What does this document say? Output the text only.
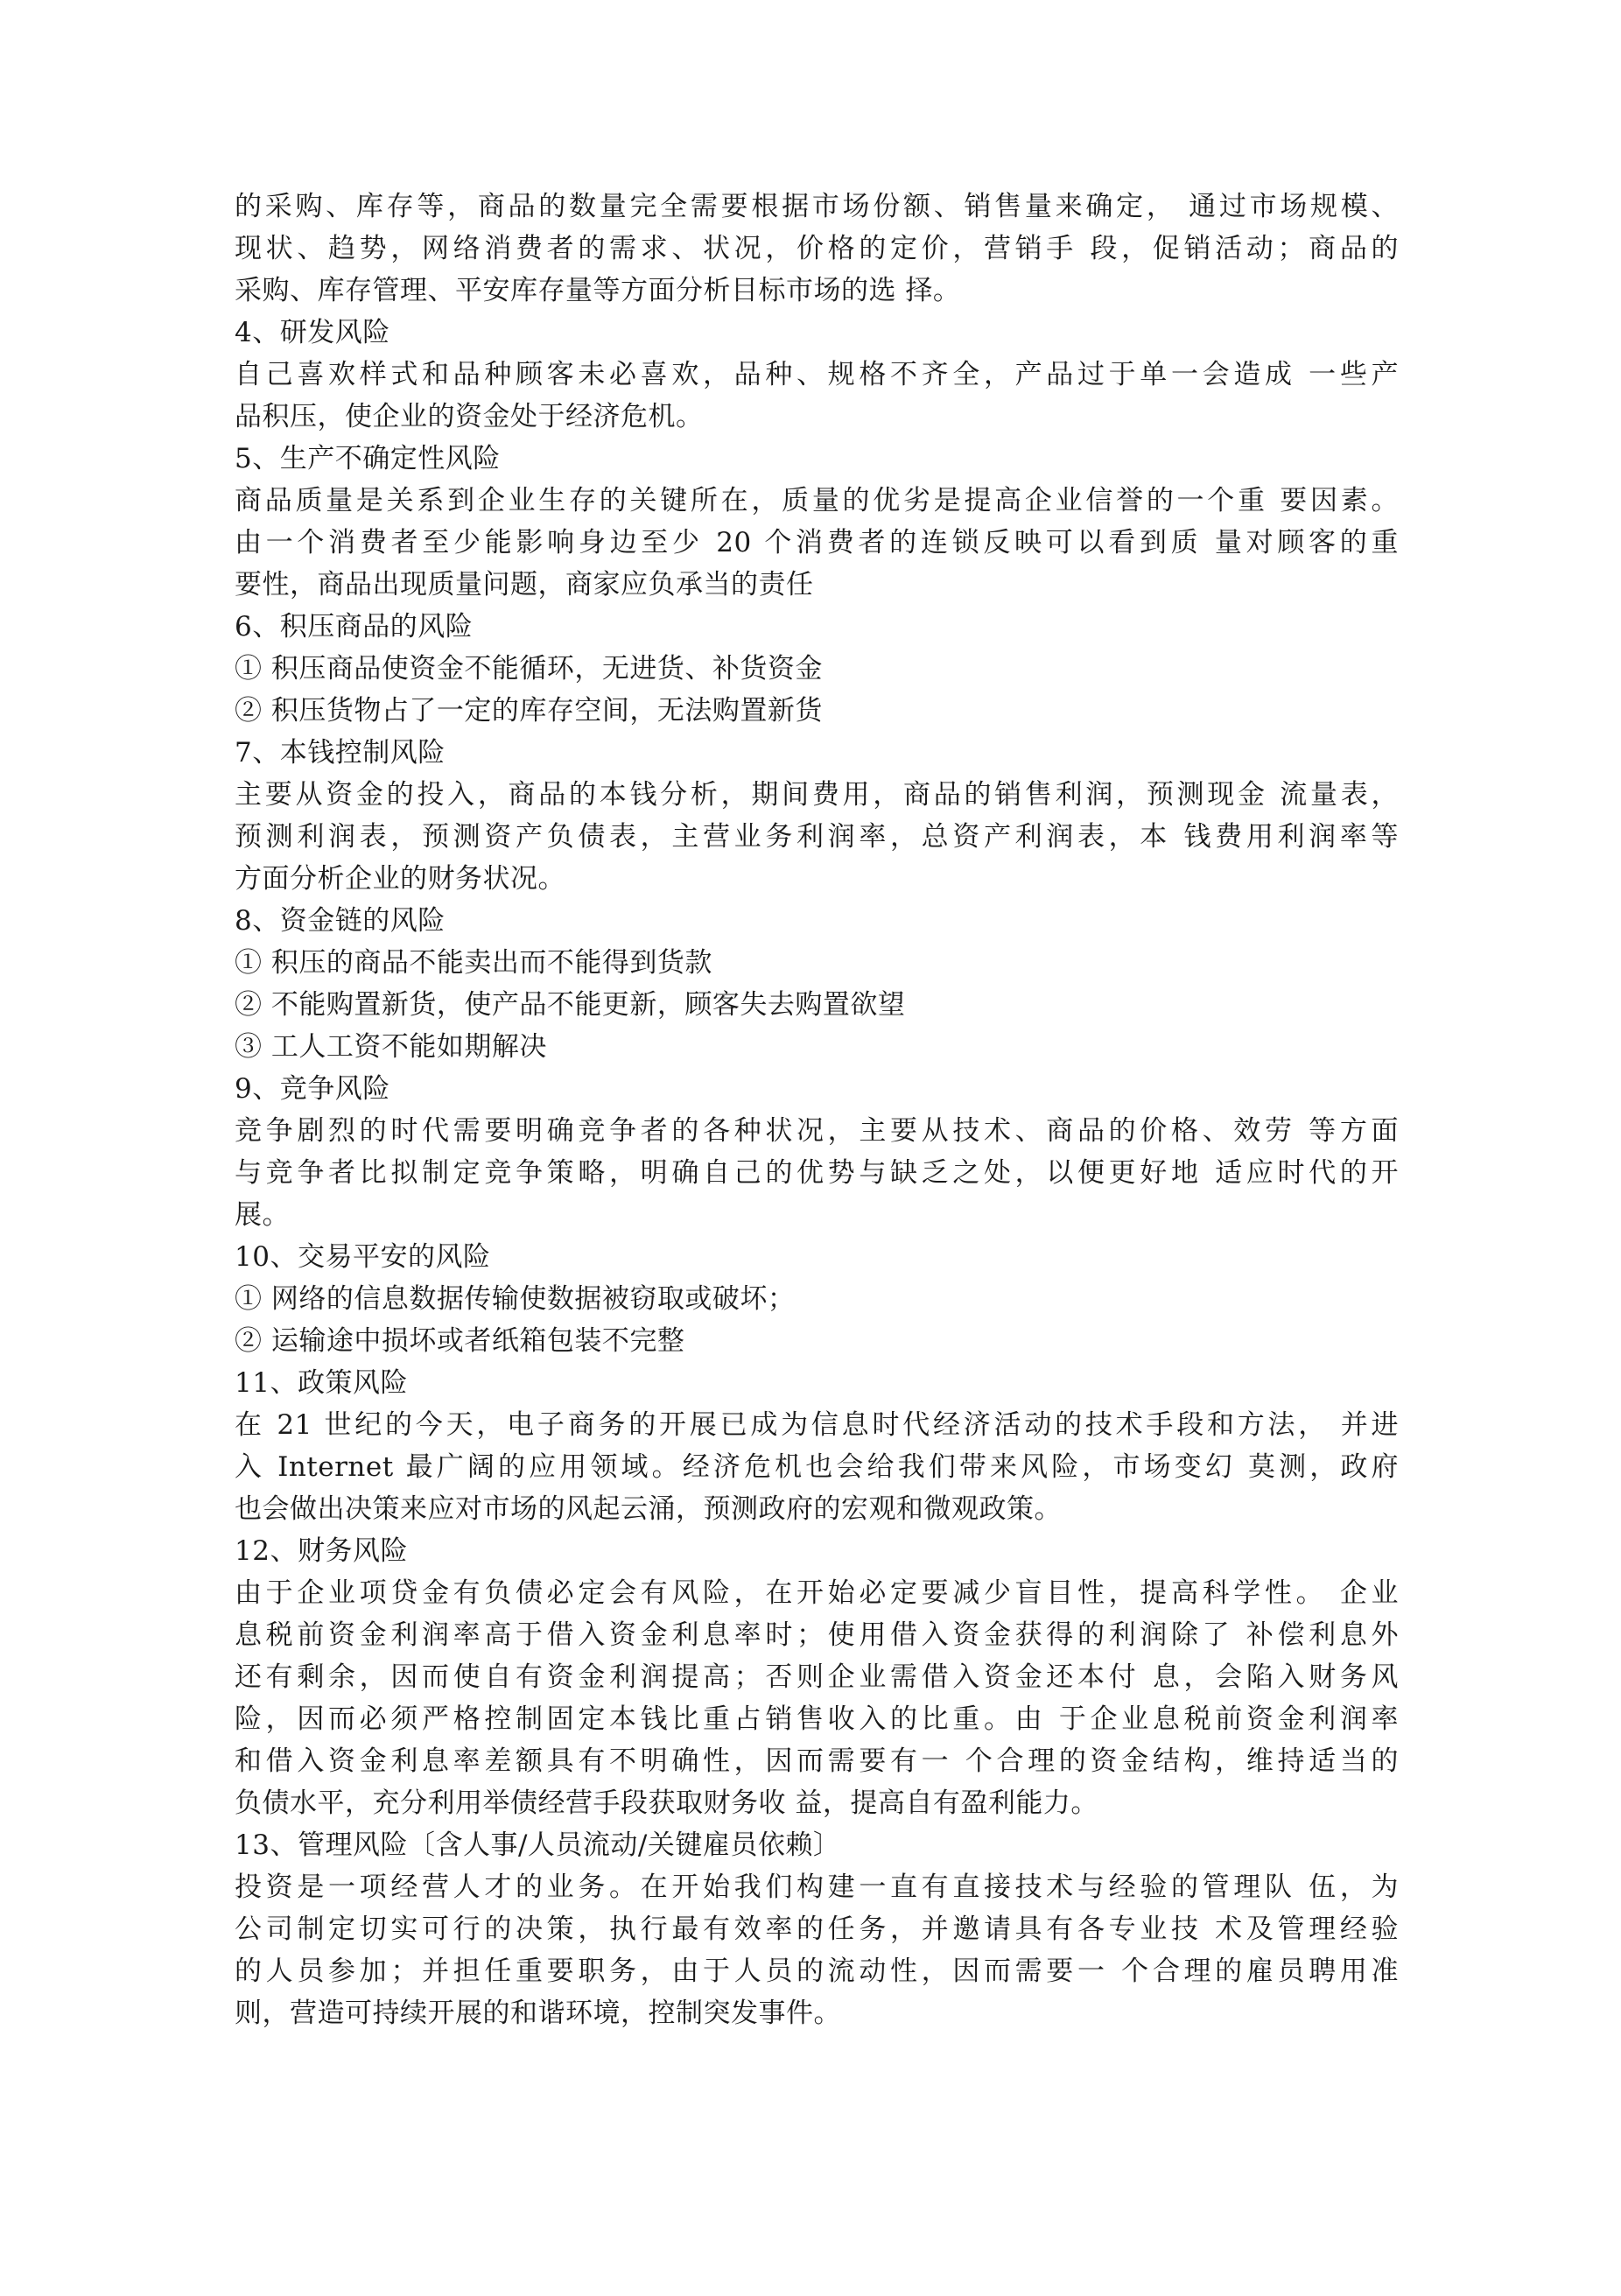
的采购、库存等，商品的数量完全需要根据市场份额、销售量来确定， 通过市场规模、
现状、趋势，网络消费者的需求、状况，价格的定价，营销手 段，促销活动；商品的
采购、库存管理、平安库存量等方面分析目标市场的选 择。
4、研发风险
自己喜欢样式和品种顾客未必喜欢，品种、规格不齐全，产品过于单一会造成 一些产
品积压，使企业的资金处于经济危机。
5、生产不确定性风险
商品质量是关系到企业生存的关键所在，质量的优劣是提高企业信誉的一个重 要因素。
由一个消费者至少能影响身边至少 20 个消费者的连锁反映可以看到质 量对顾客的重
要性，商品出现质量问题，商家应负承当的责任
6、积压商品的风险
① 积压商品使资金不能循环，无进货、补货资金
② 积压货物占了一定的库存空间，无法购置新货
7、本钱控制风险
主要从资金的投入，商品的本钱分析，期间费用，商品的销售利润，预测现金 流量表，
预测利润表，预测资产负债表，主营业务利润率，总资产利润表，本 钱费用利润率等
方面分析企业的财务状况。
8、资金链的风险
① 积压的商品不能卖出而不能得到货款
② 不能购置新货，使产品不能更新，顾客失去购置欲望
③ 工人工资不能如期解决
9、竞争风险
竞争剧烈的时代需要明确竞争者的各种状况，主要从技术、商品的价格、效劳 等方面
与竞争者比拟制定竞争策略，明确自己的优势与缺乏之处，以便更好地 适应时代的开
展。
10、交易平安的风险
① 网络的信息数据传输使数据被窃取或破坏；
② 运输途中损坏或者纸箱包装不完整
11、政策风险
在 21 世纪的今天，电子商务的开展已成为信息时代经济活动的技术手段和方法， 并进
入 Internet 最广阔的应用领域。经济危机也会给我们带来风险，市场变幻 莫测，政府
也会做出决策来应对市场的风起云涌，预测政府的宏观和微观政策。
12、财务风险
由于企业项贷金有负债必定会有风险，在开始必定要减少盲目性，提高科学性。 企业
息税前资金利润率高于借入资金利息率时；使用借入资金获得的利润除了 补偿利息外
还有剩余，因而使自有资金利润提高；否则企业需借入资金还本付 息，会陷入财务风
险，因而必须严格控制固定本钱比重占销售收入的比重。由 于企业息税前资金利润率
和借入资金利息率差额具有不明确性，因而需要有一 个合理的资金结构，维持适当的
负债水平，充分利用举债经营手段获取财务收 益，提高自有盈利能力。
13、管理风险〔含人事/人员流动/关键雇员依赖〕
投资是一项经营人才的业务。在开始我们构建一直有直接技术与经验的管理队 伍，为
公司制定切实可行的决策，执行最有效率的任务，并邀请具有各专业技 术及管理经验
的人员参加；并担任重要职务，由于人员的流动性，因而需要一 个合理的雇员聘用准
则，营造可持续开展的和谐环境，控制突发事件。
